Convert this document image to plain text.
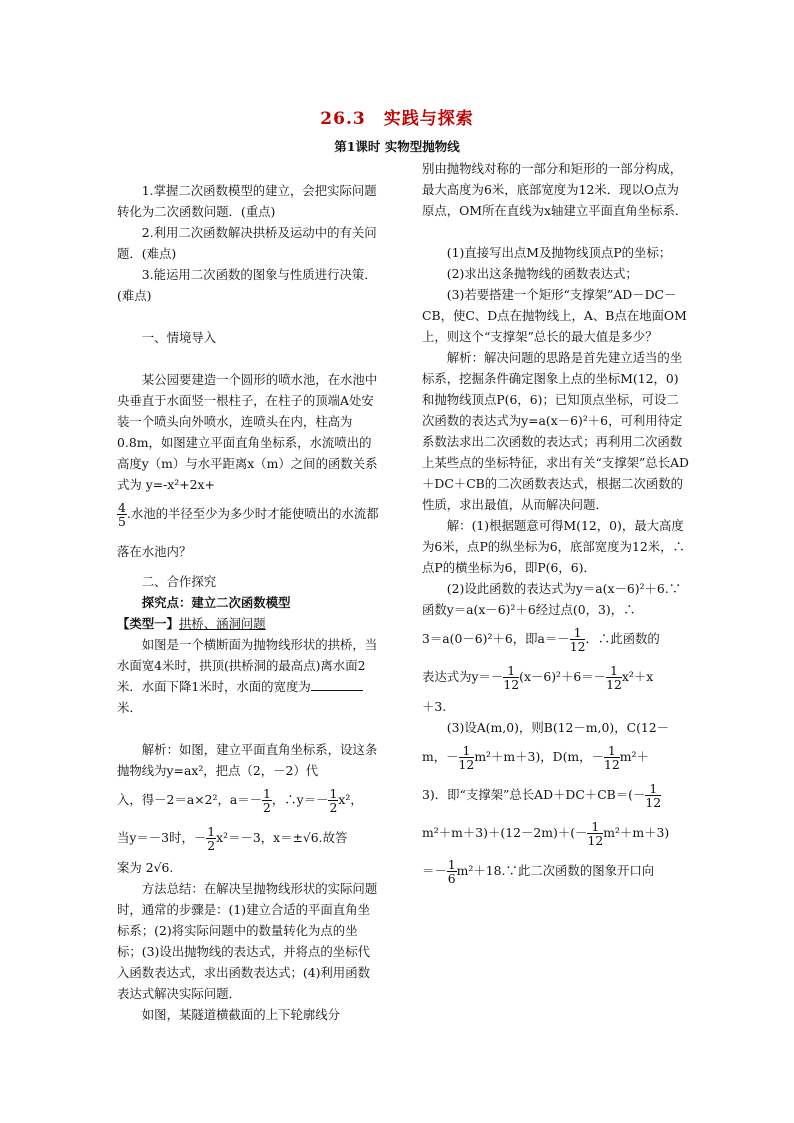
26.3　实践与探索
第1课时 实物型抛物线

1.掌握二次函数模型的建立，会把实际问题转化为二次函数问题．(重点)

2.利用二次函数解决拱桥及运动中的有关问题．(难点)

3.能运用二次函数的图象与性质进行决策．(难点)

一、情境导入

某公园要建造一个圆形的喷水池，在水池中央垂直于水面竖一根柱子，在柱子的顶端A处安装一个喷头向外喷水，连喷头在内，柱高为0.8m，如图建立平面直角坐标系，水流喷出的高度y（m）与水平距离x（m）之间的函数关系式为 y=-x²+2x+

$\frac{4}{5}$ .水池的半径至少为多少时才能使喷出的水流都落在水池内？

二、合作探究

探究点：建立二次函数模型

【类型一】拱桥、涵洞问题

如图是一个横断面为抛物线形状的拱桥，当水面宽4米时，拱顶(拱桥洞的最高点)离水面2米．水面下降1米时，水面的宽度为米．

解析：如图，建立平面直角坐标系，设这条抛物线为y=ax²，把点（2，－2）代

入，得－2＝a×2²，$a=- \frac{1}{2}$ ，∴y＝－ $\frac{1}{2} x^2$，

当y＝－3时，－ $\frac{1}{2} x^2=-3$，x＝±√6.故答

案为 2√6.

方法总结：在解决呈抛物线形状的实际问题时，通常的步骤是：(1)建立合适的平面直角坐标系；(2)将实际问题中的数量转化为点的坐标；(3)设出抛物线的表达式，并将点的坐标代入函数表达式，求出函数表达式；(4)利用函数表达式解决实际问题．

如图，某隧道横截面的上下轮廓线分

别由抛物线对称的一部分和矩形的一部分构成，最大高度为6米，底部宽度为12米．现以O点为原点，OM所在直线为x轴建立平面直角坐标系．

(1)直接写出点M及抛物线顶点P的坐标；

(2)求出这条抛物线的函数表达式；

(3)若要搭建一个矩形“支撑架”AD－DC－CB，使C、D点在抛物线上，A、B点在地面OM上，则这个“支撑架”总长的最大值是多少？

解析：解决问题的思路是首先建立适当的坐标系，挖掘条件确定图象上点的坐标M(12，0)和抛物线顶点P(6，6)；已知顶点坐标，可设二次函数的表达式为y=a(x－6)²＋6，可利用待定系数法求出二次函数的表达式；再利用二次函数上某些点的坐标特征，求出有关“支撑架”总长AD＋DC＋CB的二次函数表达式，根据二次函数的性质，求出最值，从而解决问题．

解：(1)根据题意可得M(12，0)，最大高度为6米，点P的纵坐标为6，底部宽度为12米，∴点P的横坐标为6，即P(6，6)．

(2)设此函数的表达式为y＝a(x－6)²＋6.∵函数y＝a(x－6)²＋6经过点(0，3)，∴

3＝a(0－6)²＋6，即$a=- \frac{1}{12}$ ．∴此函数的

表达式为$y=- \frac{1}{12} (x-6)^2+6=- \frac{1}{12} x^2+x$

＋3.

(3)设A(m,0)，则B(12－m,0)，C(12－

m，－ $\frac{1}{12} m^2+m+3$)，D(m，－ $\frac{1}{12} m^2+$

3)．即“支撑架”总长$AD+DC+CB=(- \frac{1}{12}$

$m^2+m+3)+(12-2m)+(- \frac{1}{12} m^2+m+3)$

＝－ $\frac{1}{6}$ m²＋18.∵此二次函数的图象开口向
